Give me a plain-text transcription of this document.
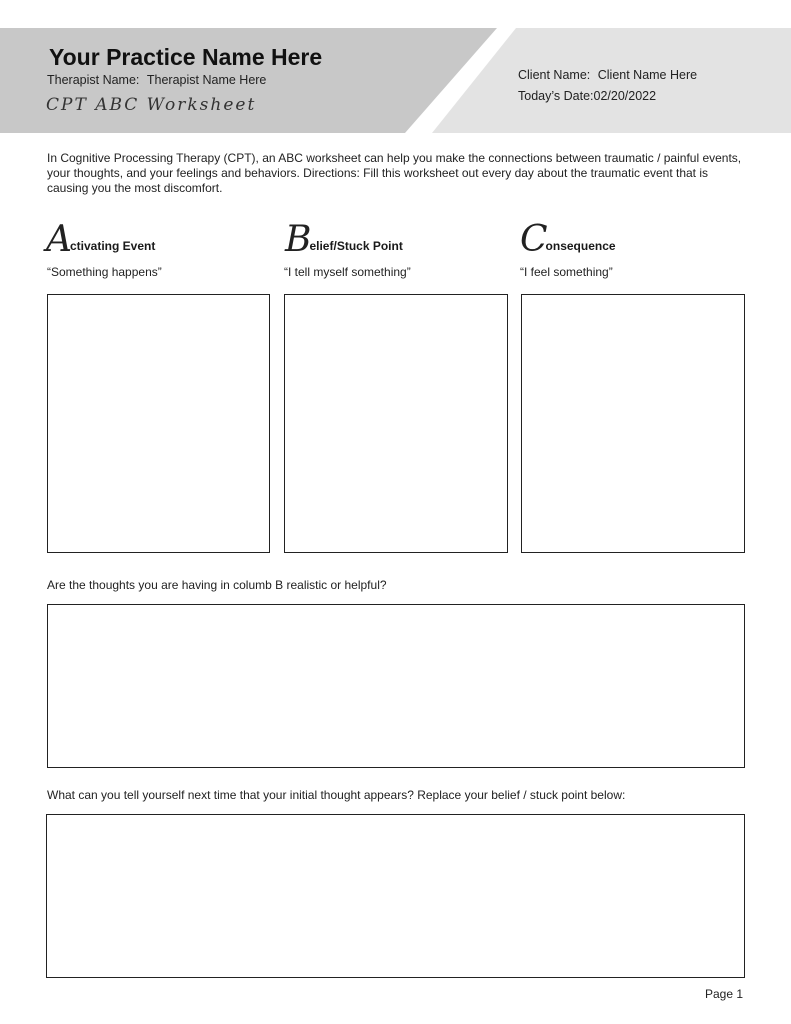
Your Practice Name Here
Therapist Name: Therapist Name Here
CPT ABC Worksheet
Client Name: Client Name Here
Today’s Date:02/20/2022
In Cognitive Processing Therapy (CPT), an ABC worksheet can help you make the connections between traumatic / painful events, your thoughts, and your feelings and behaviors. Directions: Fill this worksheet out every day about the traumatic event that is causing you the most discomfort.
Activating Event
“Something happens”
Belief/Stuck Point
“I tell myself something”
Consequence
“I feel something”
Are the thoughts you are having in columb B realistic or helpful?
What can you tell yourself next time that your initial thought appears? Replace your belief / stuck point below:
Page 1
